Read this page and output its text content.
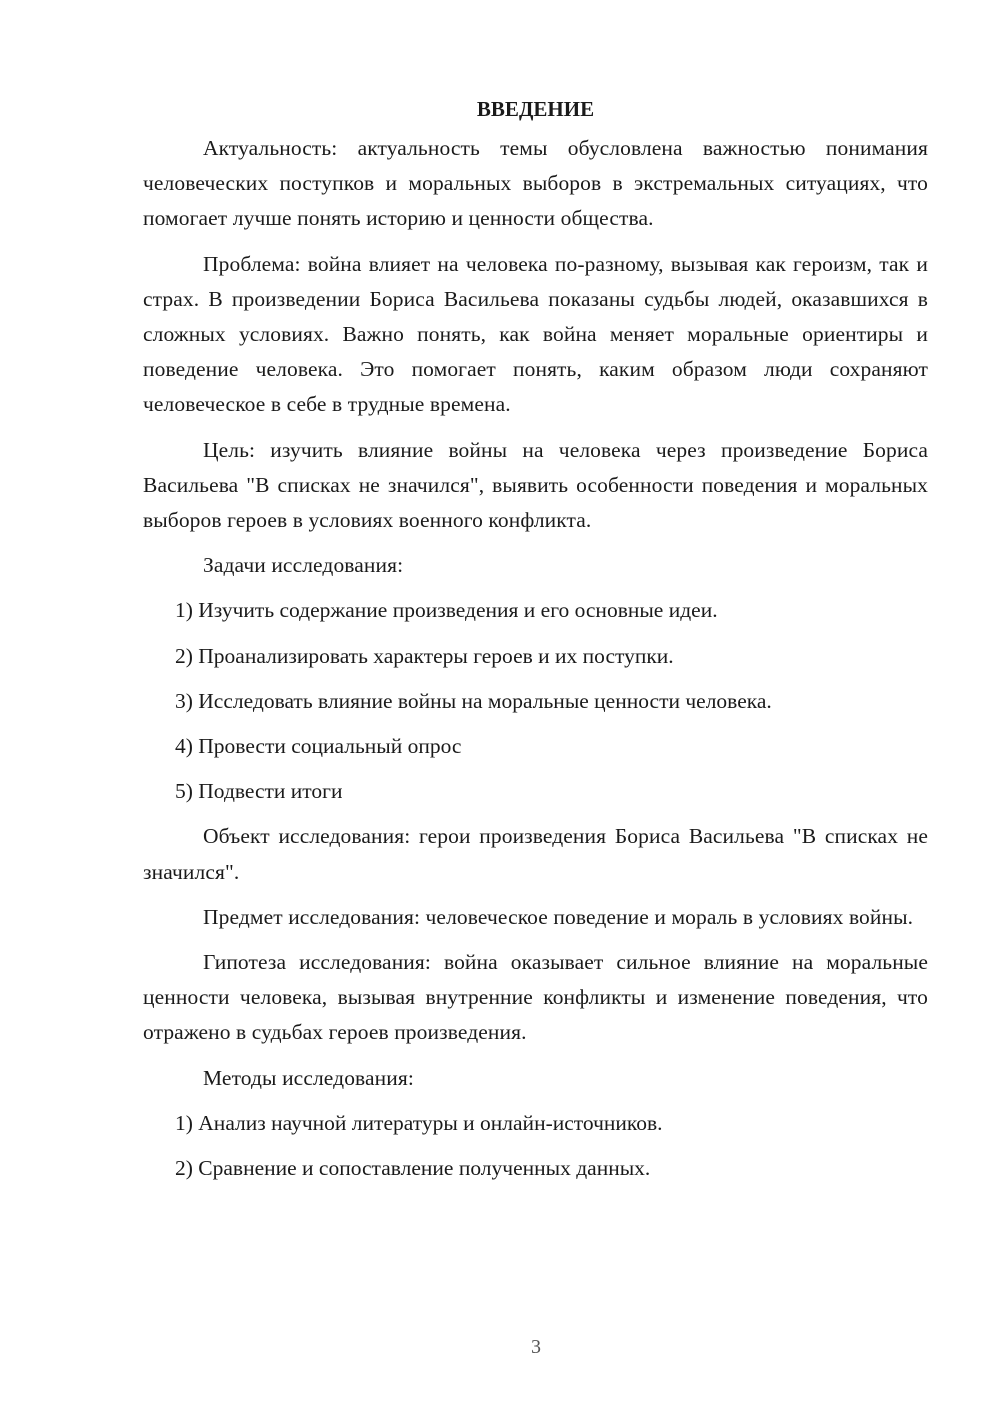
ВВЕДЕНИЕ

Актуальность: актуальность темы обусловлена важностью понимания человеческих поступков и моральных выборов в экстремальных ситуациях, что помогает лучше понять историю и ценности общества.

Проблема: война влияет на человека по-разному, вызывая как героизм, так и страх. В произведении Бориса Васильева показаны судьбы людей, оказавшихся в сложных условиях. Важно понять, как война меняет моральные ориентиры и поведение человека. Это помогает понять, каким образом люди сохраняют человеческое в себе в трудные времена.

Цель: изучить влияние войны на человека через произведение Бориса Васильева "В списках не значился", выявить особенности поведения и моральных выборов героев в условиях военного конфликта.

Задачи исследования:

1) Изучить содержание произведения и его основные идеи.
2) Проанализировать характеры героев и их поступки.
3) Исследовать влияние войны на моральные ценности человека.
4) Провести социальный опрос
5) Подвести итоги

Объект исследования: герои произведения Бориса Васильева "В списках не значился".

Предмет исследования: человеческое поведение и мораль в условиях войны.

Гипотеза исследования: война оказывает сильное влияние на моральные ценности человека, вызывая внутренние конфликты и изменение поведения, что отражено в судьбах героев произведения.

Методы исследования:

1) Анализ научной литературы и онлайн-источников.
2) Сравнение и сопоставление полученных данных.
3
